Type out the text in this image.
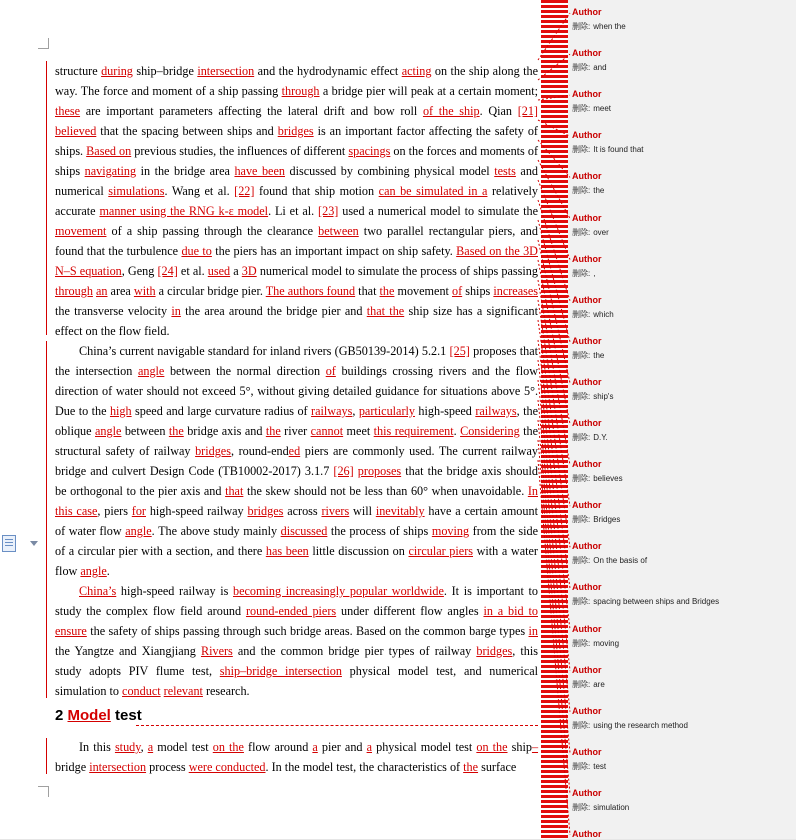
structure during ship–bridge intersection and the hydrodynamic effect acting on the ship along the way. The force and moment of a ship passing through a bridge pier will peak at a certain moment; these are important parameters affecting the lateral drift and bow roll of the ship. Qian [21] believed that the spacing between ships and bridges is an important factor affecting the safety of ships. Based on previous studies, the influences of different spacings on the forces and moments of ships navigating in the bridge area have been discussed by combining physical model tests and numerical simulations. Wang et al. [22] found that ship motion can be simulated in a relatively accurate manner using the RNG k-ε model. Li et al. [23] used a numerical model to simulate the movement of a ship passing through the clearance between two parallel rectangular piers, and found that the turbulence due to the piers has an important impact on ship safety. Based on the 3D N–S equation, Geng [24] et al. used a 3D numerical model to simulate the process of ships passing through an area with a circular bridge pier. The authors found that the movement of ships increases the transverse velocity in the area around the bridge pier and that the ship size has a significant effect on the flow field.

China’s current navigable standard for inland rivers (GB50139-2014) 5.2.1 [25] proposes that the intersection angle between the normal direction of buildings crossing rivers and the flow direction of water should not exceed 5°, without giving detailed guidance for situations above 5°. Due to the high speed and large curvature radius of railways, particularly high-speed railways, the oblique angle between the bridge axis and the river cannot meet this requirement. Considering the structural safety of railway bridges, round-ended piers are commonly used. The current railway bridge and culvert Design Code (TB10002-2017) 3.1.7 [26] proposes that the bridge axis should be orthogonal to the pier axis and that the skew should not be less than 60° when unavoidable. In this case, piers for high-speed railway bridges across rivers will inevitably have a certain amount of water flow angle. The above study mainly discussed the process of ships moving from the side of a circular pier with a section, and there has been little discussion on circular piers with a water flow angle.

China’s high-speed railway is becoming increasingly popular worldwide. It is important to study the complex flow field around round-ended piers under different flow angles in a bid to ensure the safety of ships passing through such bridge areas. Based on the common barge types in the Yangtze and Xiangjiang Rivers and the common bridge pier types of railway bridges, this study adopts PIV flume test, ship–bridge intersection physical model test, and numerical simulation to conduct relevant research.

2 Model test

In this study, a model test on the flow around a pier and a physical model test on the ship–bridge intersection process were conducted. In the model test, the characteristics of the surface

Author
删除: when the
Author
删除: and
Author
删除: meet
Author
删除: It is found that
Author
删除: the
Author
删除: over
Author
删除: ,
Author
删除: which
Author
删除: the
Author
删除: ship's
Author
删除: D.Y.
Author
删除: believes
Author
删除: Bridges
Author
删除: On the basis of
Author
删除: spacing between ships and Bridges
Author
删除: moving
Author
删除: are
Author
删除: using the research method
Author
删除: test
Author
删除: simulation
Author
